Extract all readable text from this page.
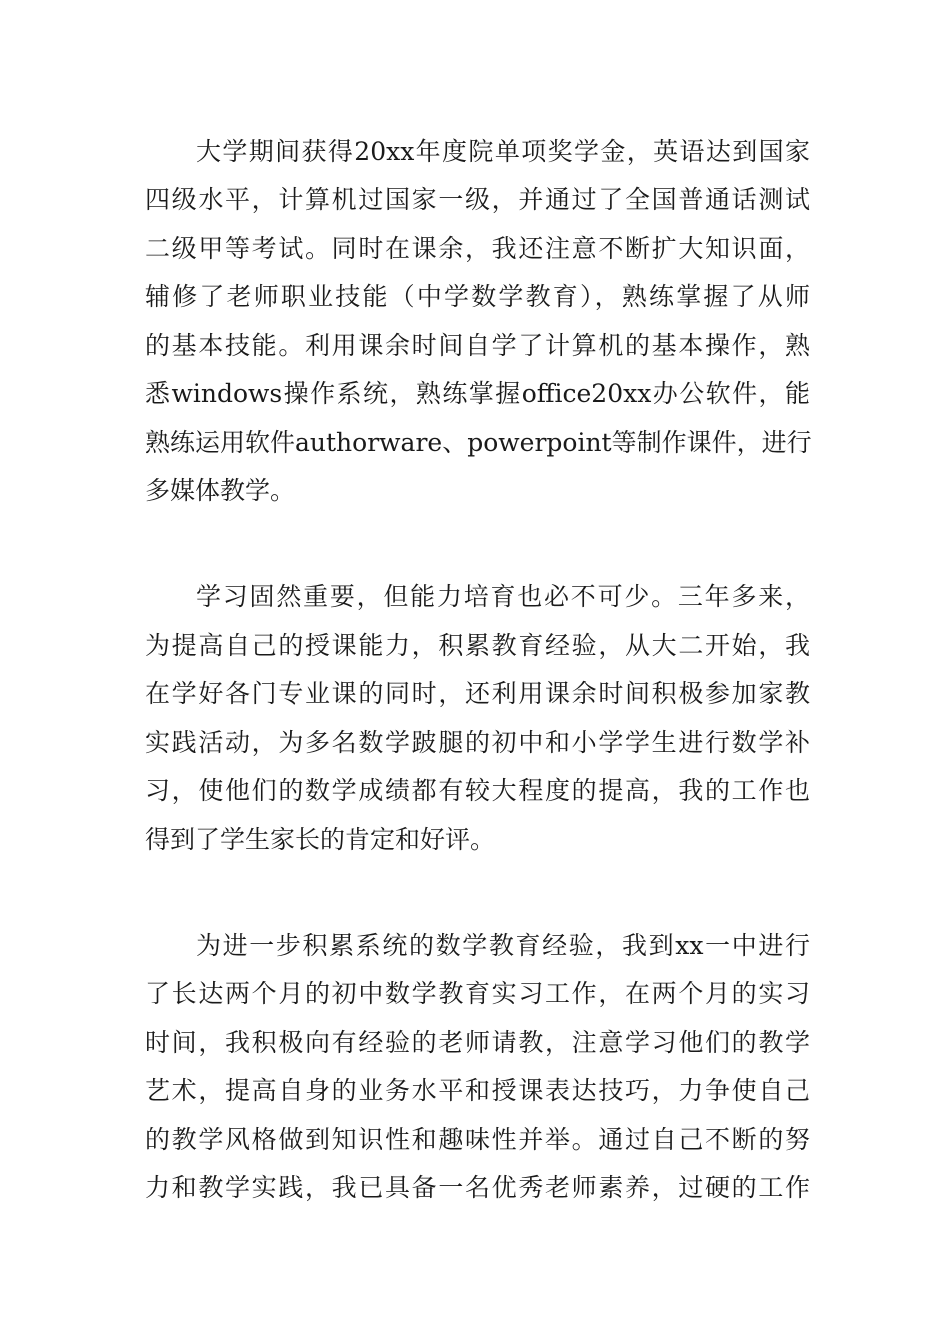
大学期间获得20xx年度院单项奖学金，英语达到国家
四级水平，计算机过国家一级，并通过了全国普通话测试
二级甲等考试。同时在课余，我还注意不断扩大知识面，
辅修了老师职业技能（中学数学教育），熟练掌握了从师
的基本技能。利用课余时间自学了计算机的基本操作，熟
悉windows操作系统，熟练掌握office20xx办公软件，能
熟练运用软件authorware、powerpoint等制作课件，进行
多媒体教学。
学习固然重要，但能力培育也必不可少。三年多来，
为提高自己的授课能力，积累教育经验，从大二开始，我
在学好各门专业课的同时，还利用课余时间积极参加家教
实践活动，为多名数学跛腿的初中和小学学生进行数学补
习，使他们的数学成绩都有较大程度的提高，我的工作也
得到了学生家长的肯定和好评。
为进一步积累系统的数学教育经验，我到xx一中进行
了长达两个月的初中数学教育实习工作，在两个月的实习
时间，我积极向有经验的老师请教，注意学习他们的教学
艺术，提高自身的业务水平和授课表达技巧，力争使自己
的教学风格做到知识性和趣味性并举。通过自己不断的努
力和教学实践，我已具备一名优秀老师素养，过硬的工作
